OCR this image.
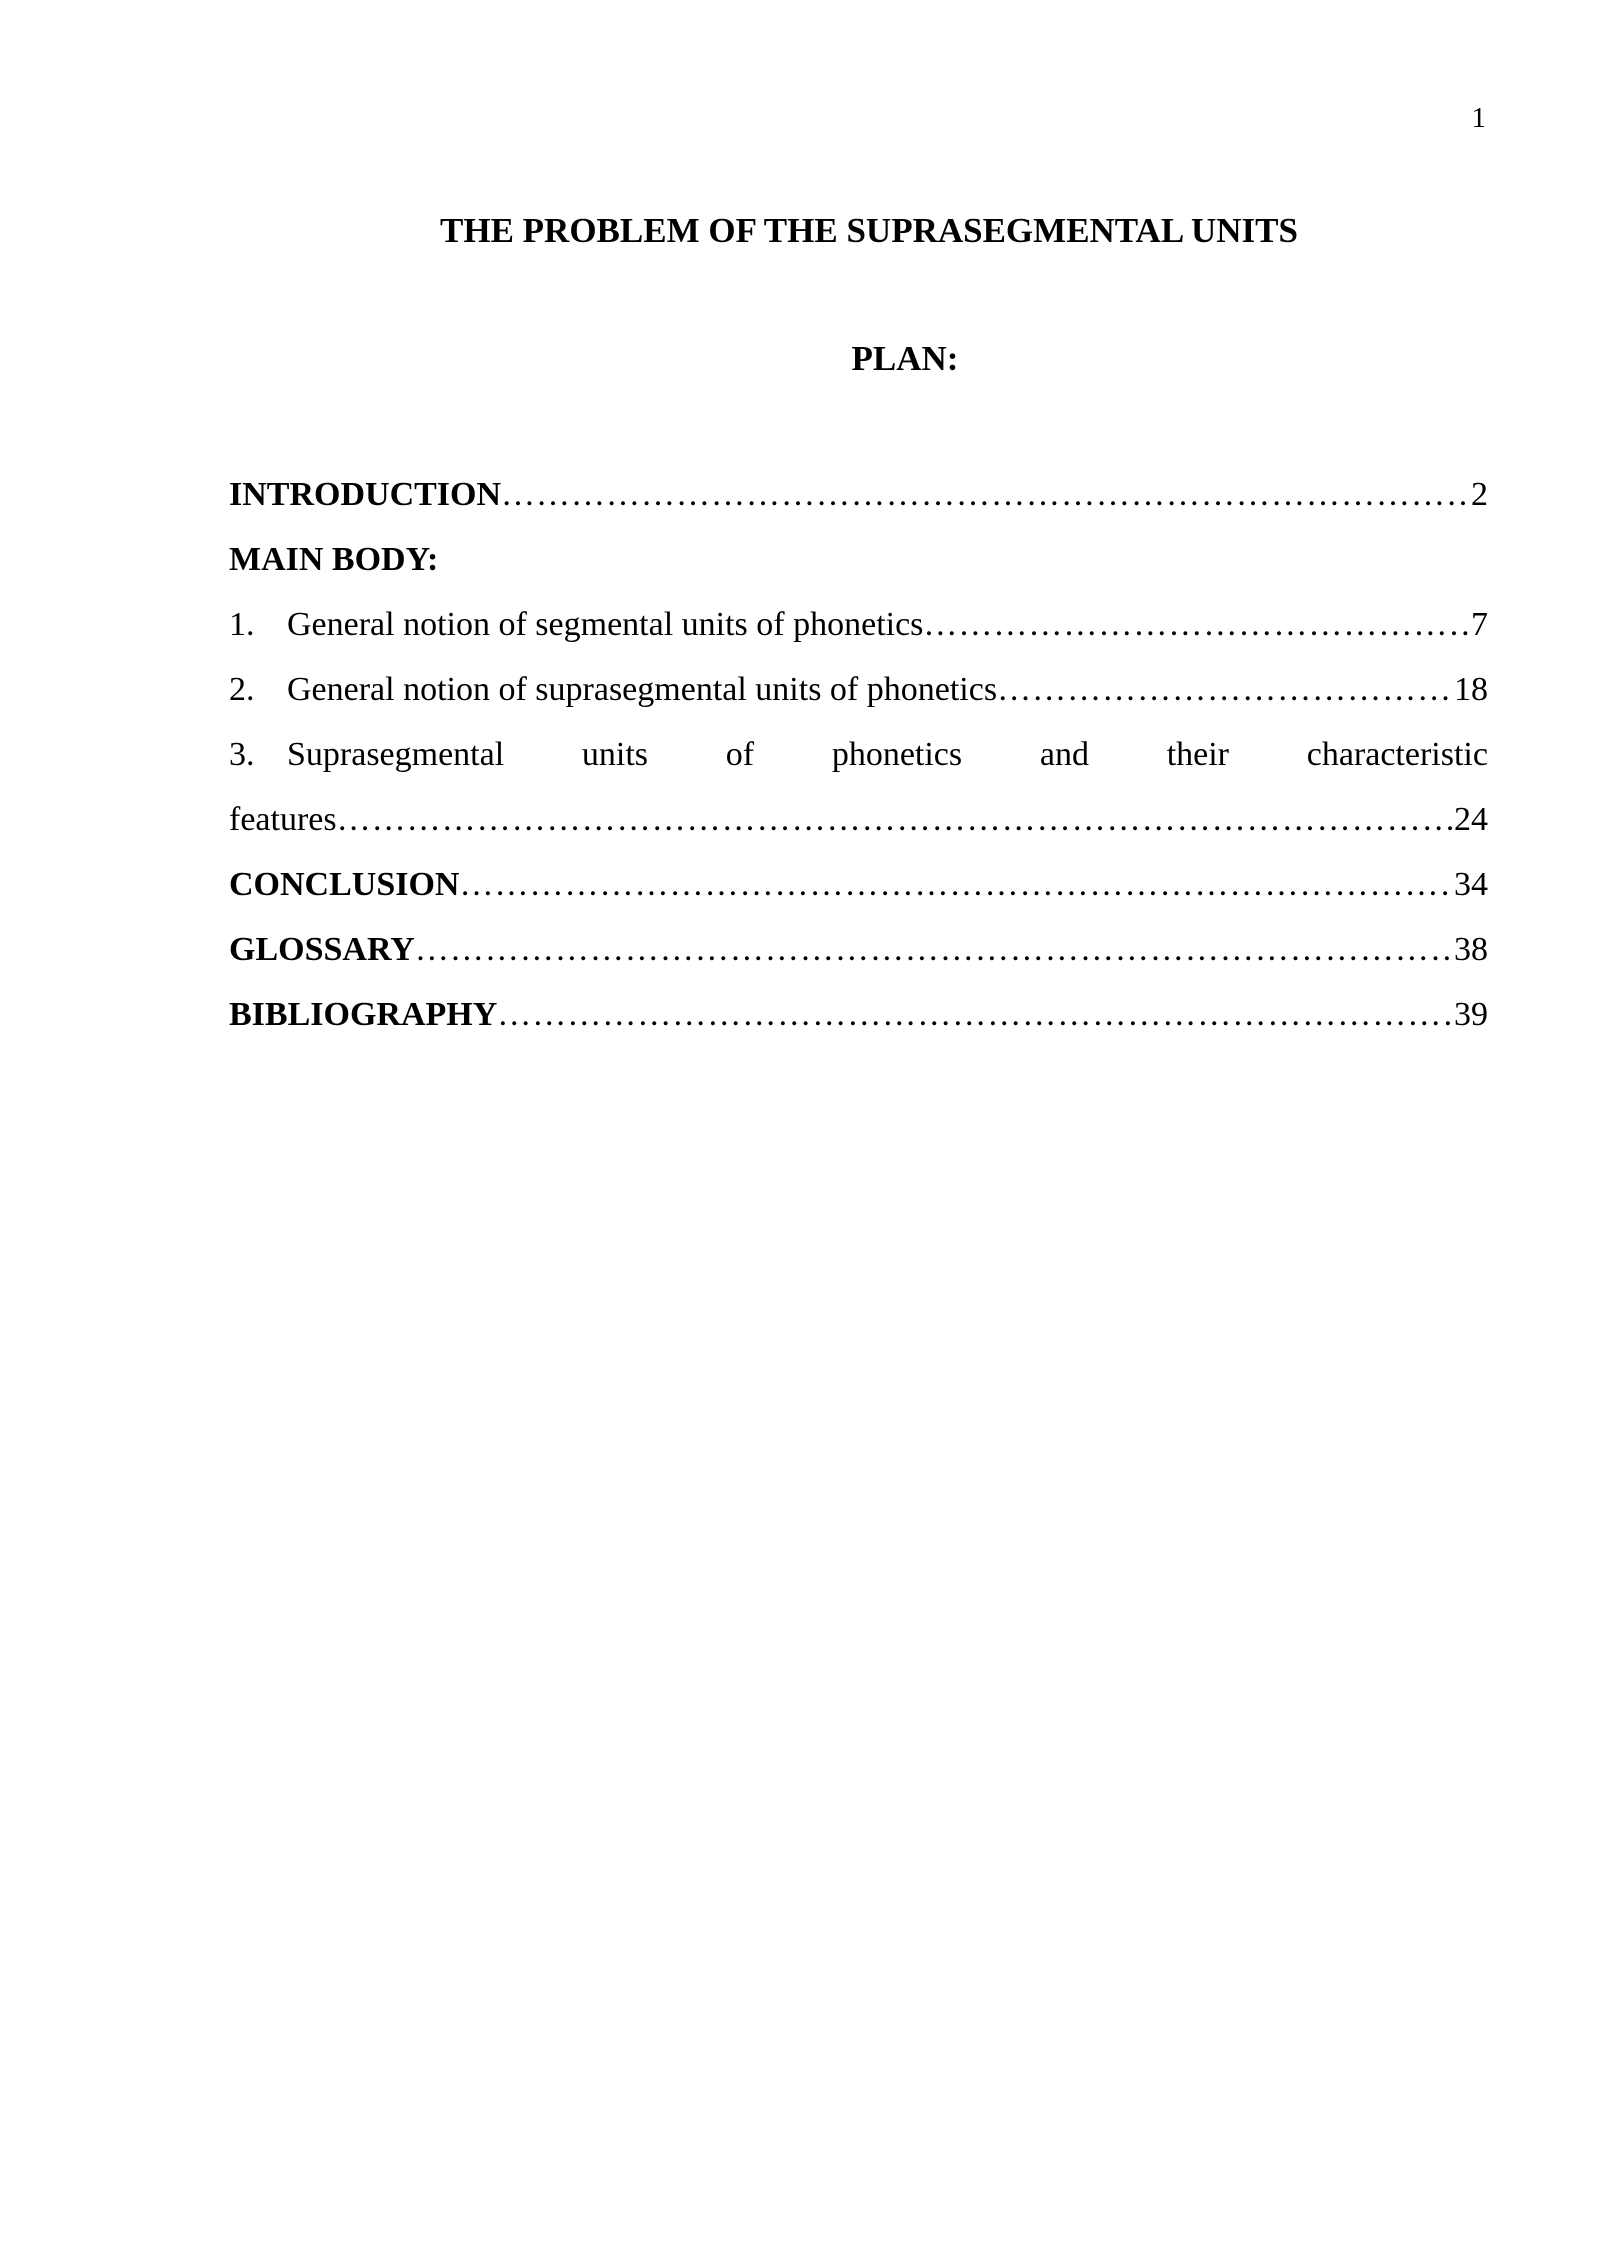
1
THE PROBLEM OF THE SUPRASEGMENTAL UNITS
PLAN:
INTRODUCTION …………………………………………………………………………………………………………………………………………………………………………	2
MAIN BODY:
1. General notion of segmental units of phonetics …………………………………………………………………………………………………………………………………………………………………………	7
2. General notion of suprasegmental units of phonetics …………………………………………………………………………………………………………………………………………………………………………	18
3. Suprasegmental units of phonetics and their characteristic
features …………………………………………………………………………………………………………………………………………………………………………	24
CONCLUSION …………………………………………………………………………………………………………………………………………………………………………	34
GLOSSARY …………………………………………………………………………………………………………………………………………………………………………	38
BIBLIOGRAPHY …………………………………………………………………………………………………………………………………………………………………………	39
